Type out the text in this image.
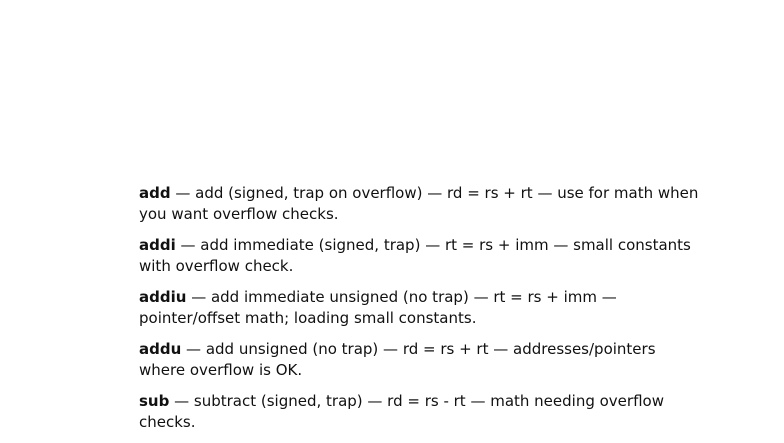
add — add (signed, trap on overflow) — rd = rs + rt — use for math when you want overflow checks.

addi — add immediate (signed, trap) — rt = rs + imm — small constants with overflow check.

addiu — add immediate unsigned (no trap) — rt = rs + imm — pointer/offset math; loading small constants.

addu — add unsigned (no trap) — rd = rs + rt — addresses/pointers where overflow is OK.

sub — subtract (signed, trap) — rd = rs - rt — math needing overflow checks.
